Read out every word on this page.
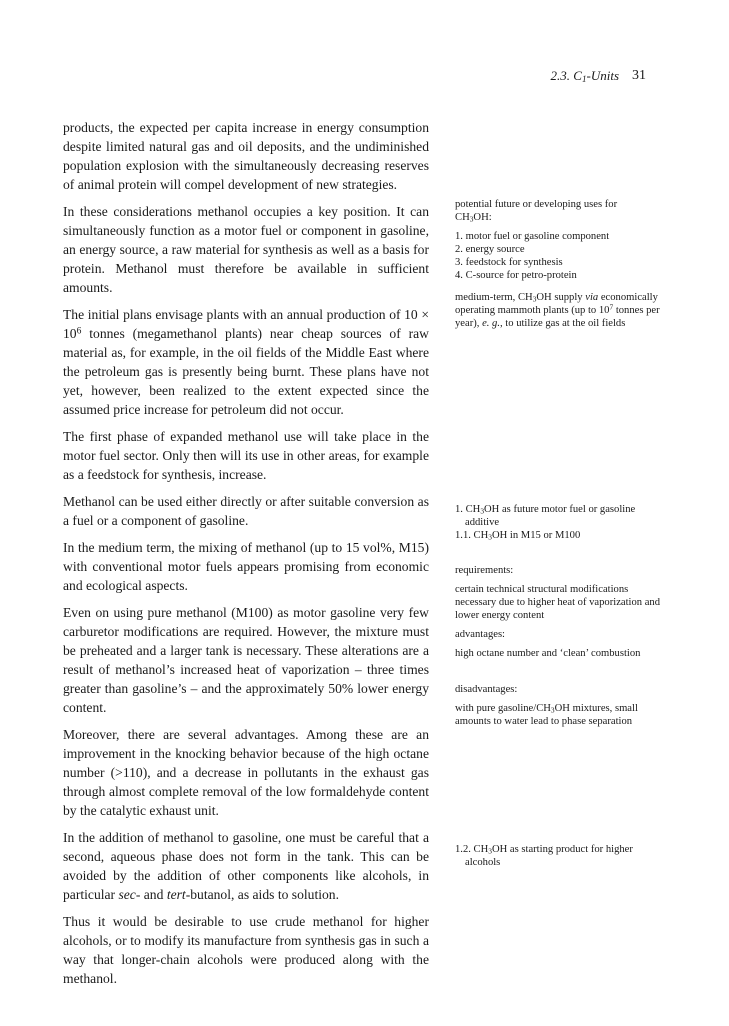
2.3. $C_1$-Units 31

products, the expected per capita increase in energy consumption despite limited natural gas and oil deposits, and the undiminished population explosion with the simultaneously decreasing reserves of animal protein will compel development of new strategies.

In these considerations methanol occupies a key position. It can simultaneously function as a motor fuel or component in gasoline, an energy source, a raw material for synthesis as well as a basis for protein. Methanol must therefore be available in sufficient amounts.

The initial plans envisage plants with an annual production of $10 \times 10^6$ tonnes (megamethanol plants) near cheap sources of raw material as, for example, in the oil fields of the Middle East where the petroleum gas is presently being burnt. These plans have not yet, however, been realized to the extent expected since the assumed price increase for petroleum did not occur.

The first phase of expanded methanol use will take place in the motor fuel sector. Only then will its use in other areas, for example as a feedstock for synthesis, increase.

Methanol can be used either directly or after suitable conversion as a fuel or a component of gasoline.

In the medium term, the mixing of methanol (up to 15 vol%, M15) with conventional motor fuels appears promising from economic and ecological aspects.

Even on using pure methanol (M100) as motor gasoline very few carburetor modifications are required. However, the mixture must be preheated and a larger tank is necessary. These alterations are a result of methanol’s increased heat of vaporization – three times greater than gasoline’s – and the approximately 50% lower energy content.

Moreover, there are several advantages. Among these are an improvement in the knocking behavior because of the high octane number (>110), and a decrease in pollutants in the exhaust gas through almost complete removal of the low formaldehyde content by the catalytic exhaust unit.

In the addition of methanol to gasoline, one must be careful that a second, aqueous phase does not form in the tank. This can be avoided by the addition of other components like alcohols, in particular sec- and tert-butanol, as aids to solution.

Thus it would be desirable to use crude methanol for higher alcohols, or to modify its manufacture from synthesis gas in such a way that longer-chain alcohols were produced along with the methanol.

potential future or developing uses for
$CH_3OH$:
1. motor fuel or gasoline component
2. energy source
3. feedstock for synthesis
4. C-source for petro-protein
medium-term, $CH_3OH$ supply via economically operating mammoth plants (up to $10^7$ tonnes per year), e. g., to utilize gas at the oil fields
1. $CH_3OH$ as future motor fuel or gasoline
additive
1.1. $CH_3OH$ in M15 or M100
requirements:
certain technical structural modifications necessary due to higher heat of vaporization and lower energy content
advantages:
high octane number and ‘clean’ combustion
disadvantages:
with pure gasoline/$CH_3OH$ mixtures, small amounts to water lead to phase separation
1.2. $CH_3OH$ as starting product for higher
alcohols
